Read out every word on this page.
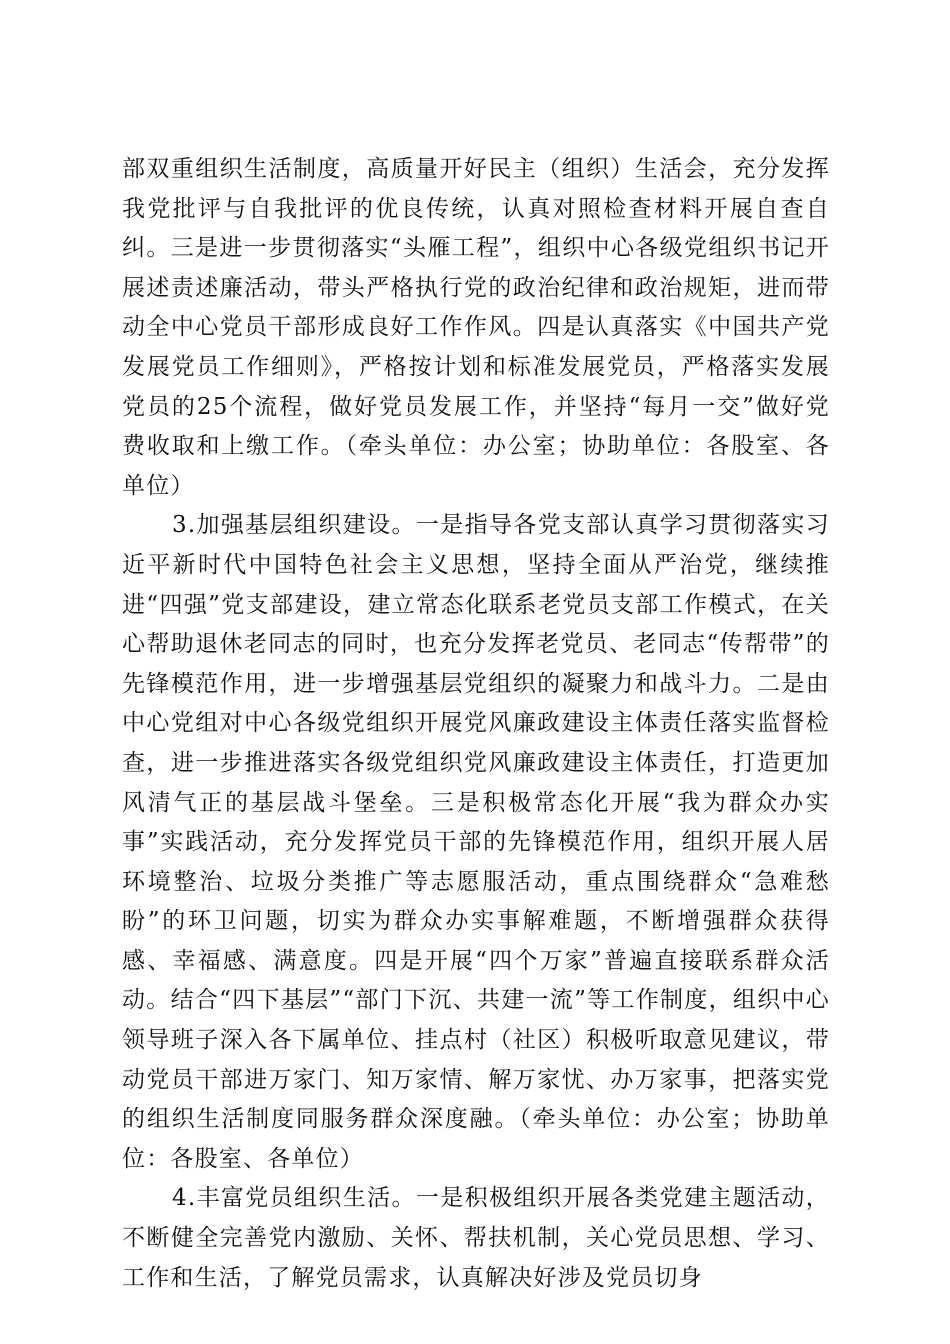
部双重组织生活制度，高质量开好民主（组织）生活会，充分发挥我党批评与自我批评的优良传统，认真对照检查材料开展自查自纠。三是进一步贯彻落实“头雁工程”，组织中心各级党组织书记开展述责述廉活动，带头严格执行党的政治纪律和政治规矩，进而带动全中心党员干部形成良好工作作风。四是认真落实《中国共产党发展党员工作细则》，严格按计划和标准发展党员，严格落实发展党员的25个流程，做好党员发展工作，并坚持“每月一交”做好党费收取和上缴工作。（牵头单位：办公室；协助单位：各股室、各单位）

3.加强基层组织建设。一是指导各党支部认真学习贯彻落实习近平新时代中国特色社会主义思想，坚持全面从严治党，继续推进“四强”党支部建设，建立常态化联系老党员支部工作模式，在关心帮助退休老同志的同时，也充分发挥老党员、老同志“传帮带”的先锋模范作用，进一步增强基层党组织的凝聚力和战斗力。二是由中心党组对中心各级党组织开展党风廉政建设主体责任落实监督检查，进一步推进落实各级党组织党风廉政建设主体责任，打造更加风清气正的基层战斗堡垒。三是积极常态化开展“我为群众办实事”实践活动，充分发挥党员干部的先锋模范作用，组织开展人居环境整治、垃圾分类推广等志愿服活动，重点围绕群众“急难愁盼”的环卫问题，切实为群众办实事解难题，不断增强群众获得感、幸福感、满意度。四是开展“四个万家”普遍直接联系群众活动。结合“四下基层”“部门下沉、共建一流”等工作制度，组织中心领导班子深入各下属单位、挂点村（社区）积极听取意见建议，带动党员干部进万家门、知万家情、解万家忧、办万家事，把落实党的组织生活制度同服务群众深度融。（牵头单位：办公室；协助单位：各股室、各单位）

4.丰富党员组织生活。一是积极组织开展各类党建主题活动，不断健全完善党内激励、关怀、帮扶机制，关心党员思想、学习、工作和生活，了解党员需求，认真解决好涉及党员切身
